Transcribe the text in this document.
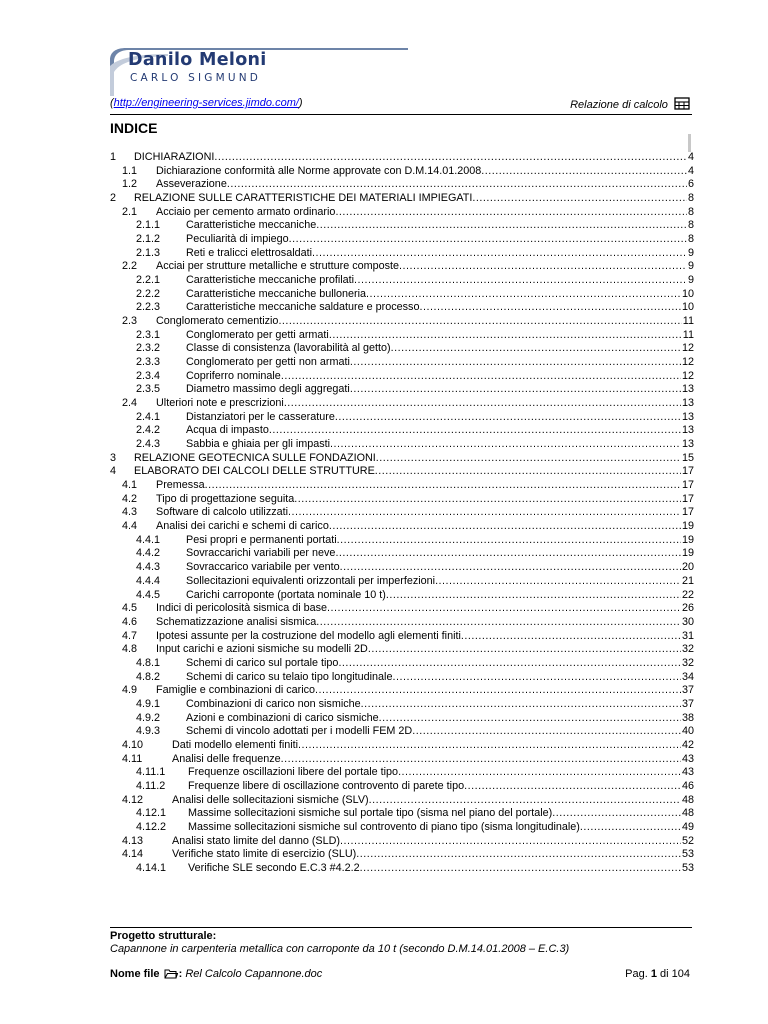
Danilo Meloni
CARLO SIGMUND
(http://engineering-services.jimdo.com/)	Relazione di calcolo
INDICE
1	DICHIARAZIONI .....	4
1.1	Dichiarazione conformità alle Norme approvate con D.M.14.01.2008 .....	4
1.2	Asseverazione .....	6
2	RELAZIONE SULLE CARATTERISTICHE DEI MATERIALI IMPIEGATI .....	8
2.1	Acciaio per cemento armato ordinario .....	8
2.1.1	Caratteristiche meccaniche .....	8
2.1.2	Peculiarità di impiego .....	8
2.1.3	Reti e tralicci elettrosaldati .....	9
2.2	Acciai per strutture metalliche e strutture composte .....	9
2.2.1	Caratteristiche meccaniche profilati .....	9
2.2.2	Caratteristiche meccaniche bulloneria .....	10
2.2.3	Caratteristiche meccaniche saldature e processo .....	10
2.3	Conglomerato cementizio .....	11
2.3.1	Conglomerato per getti armati .....	11
2.3.2	Classe di consistenza (lavorabilità al getto) .....	12
2.3.3	Conglomerato per getti non armati .....	12
2.3.4	Copriferro nominale .....	12
2.3.5	Diametro massimo degli aggregati .....	13
2.4	Ulteriori note e prescrizioni .....	13
2.4.1	Distanziatori per le casserature .....	13
2.4.2	Acqua di impasto .....	13
2.4.3	Sabbia e ghiaia per gli impasti .....	13
3	RELAZIONE GEOTECNICA SULLE FONDAZIONI .....	15
4	ELABORATO DEI CALCOLI DELLE STRUTTURE .....	17
4.1	Premessa .....	17
4.2	Tipo di progettazione seguita .....	17
4.3	Software di calcolo utilizzati .....	17
4.4	Analisi dei carichi e schemi di carico .....	19
4.4.1	Pesi propri e permanenti portati .....	19
4.4.2	Sovraccarichi variabili per neve .....	19
4.4.3	Sovraccarico variabile per vento .....	20
4.4.4	Sollecitazioni equivalenti orizzontali per imperfezioni .....	21
4.4.5	Carichi carroponte (portata nominale 10 t) .....	22
4.5	Indici di pericolosità sismica di base .....	26
4.6	Schematizzazione analisi sismica .....	30
4.7	Ipotesi assunte per la costruzione del modello agli elementi finiti .....	31
4.8	Input carichi e azioni sismiche su modelli 2D .....	32
4.8.1	Schemi di carico sul portale tipo .....	32
4.8.2	Schemi di carico su telaio tipo longitudinale .....	34
4.9	Famiglie e combinazioni di carico .....	37
4.9.1	Combinazioni di carico non sismiche .....	37
4.9.2	Azioni e combinazioni di carico sismiche .....	38
4.9.3	Schemi di vincolo adottati per i modelli FEM 2D .....	40
4.10	Dati modello elementi finiti .....	42
4.11	Analisi delle frequenze .....	43
4.11.1	Frequenze oscillazioni libere del portale tipo .....	43
4.11.2	Frequenze libere di oscillazione controvento di parete tipo .....	46
4.12	Analisi delle sollecitazioni sismiche (SLV) .....	48
4.12.1	Massime sollecitazioni sismiche sul portale tipo (sisma nel piano del portale) .....	48
4.12.2	Massime sollecitazioni sismiche sul controvento di piano tipo (sisma longitudinale) .....	49
4.13	Analisi stato limite del danno (SLD) .....	52
4.14	Verifiche stato limite di esercizio (SLU) .....	53
4.14.1	Verifiche SLE secondo E.C.3 #4.2.2 .....	53
Progetto strutturale:
Capannone in carpenteria metallica con carroponte da 10 t (secondo D.M.14.01.2008 – E.C.3)
Nome file : Rel Calcolo Capannone.doc	Pag. 1 di 104
